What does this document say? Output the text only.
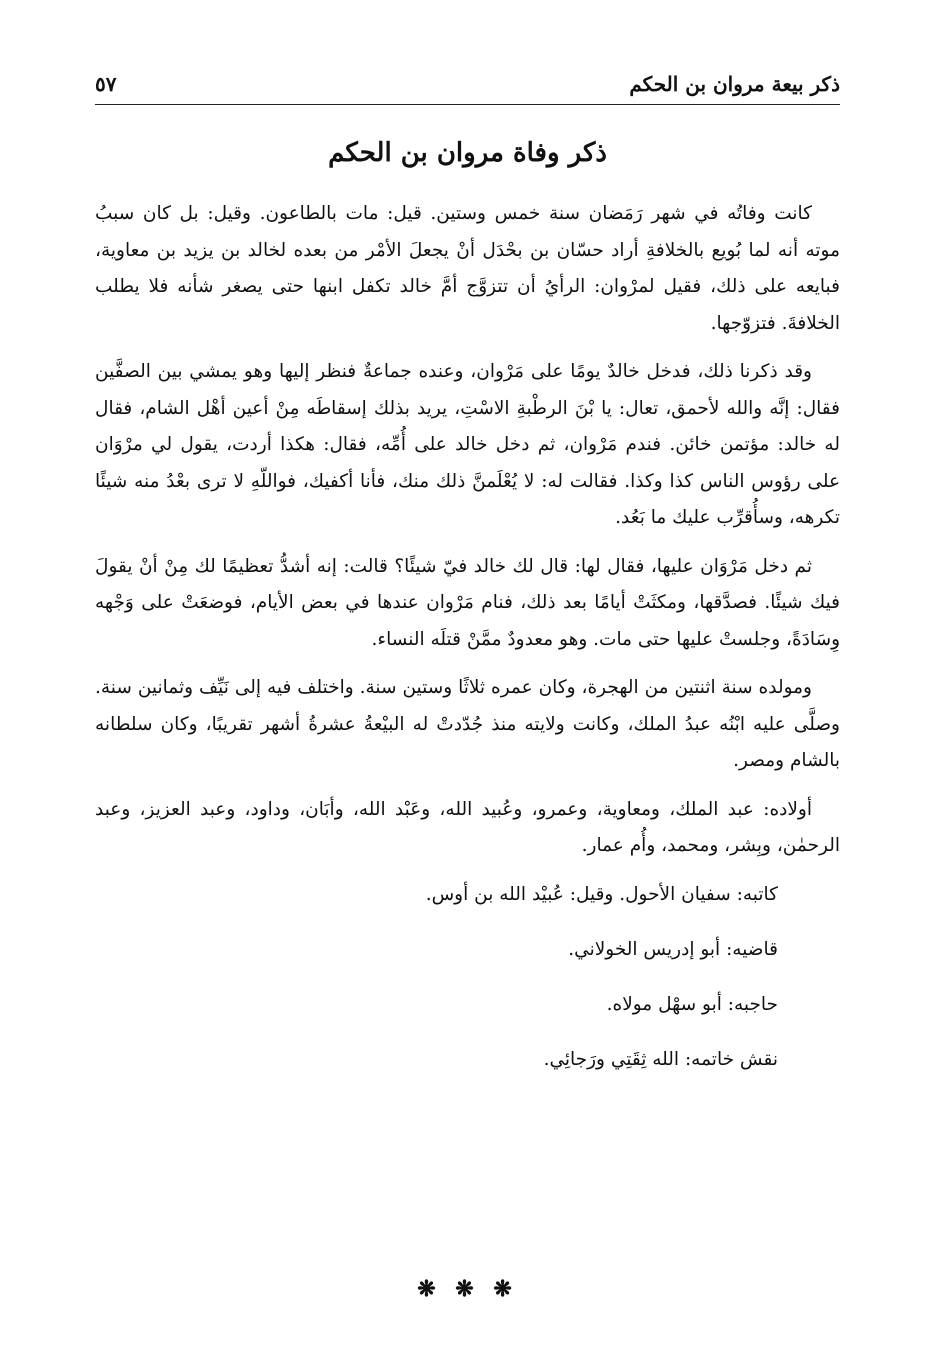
ذكر بيعة مروان بن الحكم
٥٧
ذكر وفاة مروان بن الحكم

كانت وفاتُه في شهر رَمَضان سنة خمس وستين. قيل: مات بالطاعون. وقيل: بل كان سببُ موته أنه لما بُويع بالخلافةِ أراد حسّان بن بحْدَل أنْ يجعلَ الأمْر من بعده لخالد بن يزيد بن معاوية، فبايعه على ذلك، فقيل لمرْوان: الرأيُ أن تتزوَّج أمَّ خالد تكفل ابنها حتى يصغر شأنه فلا يطلب الخلافةَ. فتزوّجها.

وقد ذكرنا ذلك، فدخل خالدٌ يومًا على مَرْوان، وعنده جماعةٌ فنظر إليها وهو يمشي بين الصفَّين فقال: إنَّه والله لأحمق، تعال: يا بْنَ الرطْبةِ الاسْتِ، يريد بذلك إسقاطَه مِنْ أعين أهْل الشام، فقال له خالد: مؤتمن خائن. فندم مَرْوان، ثم دخل خالد على أُمِّه، فقال: هكذا أردت، يقول لي مرْوَان على رؤوس الناس كذا وكذا. فقالت له: لا يُعْلَمنَّ ذلك منك، فأنا أكفيك، فواللّهِ لا ترى بعْدُ منه شيئًا تكرهه، وسأُقرِّب عليك ما بَعُد.

ثم دخل مَرْوَان عليها، فقال لها: قال لك خالد فيّ شيئًا؟ قالت: إنه أشدُّ تعظيمًا لك مِنْ أنْ يقولَ فيك شيئًا. فصدَّقها، ومكثَتْ أيامًا بعد ذلك، فنام مَرْوان عندها في بعض الأيام، فوضعَتْ على وَجْهه وِسَادَةً، وجلستْ عليها حتى مات. وهو معدودٌ ممَّنْ قتلَه النساء.

ومولده سنة اثنتين من الهجرة، وكان عمره ثلاثًا وستين سنة. واختلف فيه إلى نَيِّف وثمانين سنة. وصلَّى عليه ابْنُه عبدُ الملك، وكانت ولايته منذ جُدّدتْ له البيْعةُ عشرةُ أشهر تقريبًا، وكان سلطانه بالشام ومصر.

أولاده: عبد الملك، ومعاوية، وعمرو، وعُبيد الله، وعَبْد الله، وأبَان، وداود، وعبد العزيز، وعبد الرحمٰن، وبِشر، ومحمد، وأُم عمار.

كاتبه: سفيان الأحول. وقيل: عُبيْد الله بن أوس.

قاضيه: أبو إدريس الخولاني.

حاجبه: أبو سهْل مولاه.

نقش خاتمه: الله ثِقَتِي ورَجائِي.

❋ ❋ ❋
